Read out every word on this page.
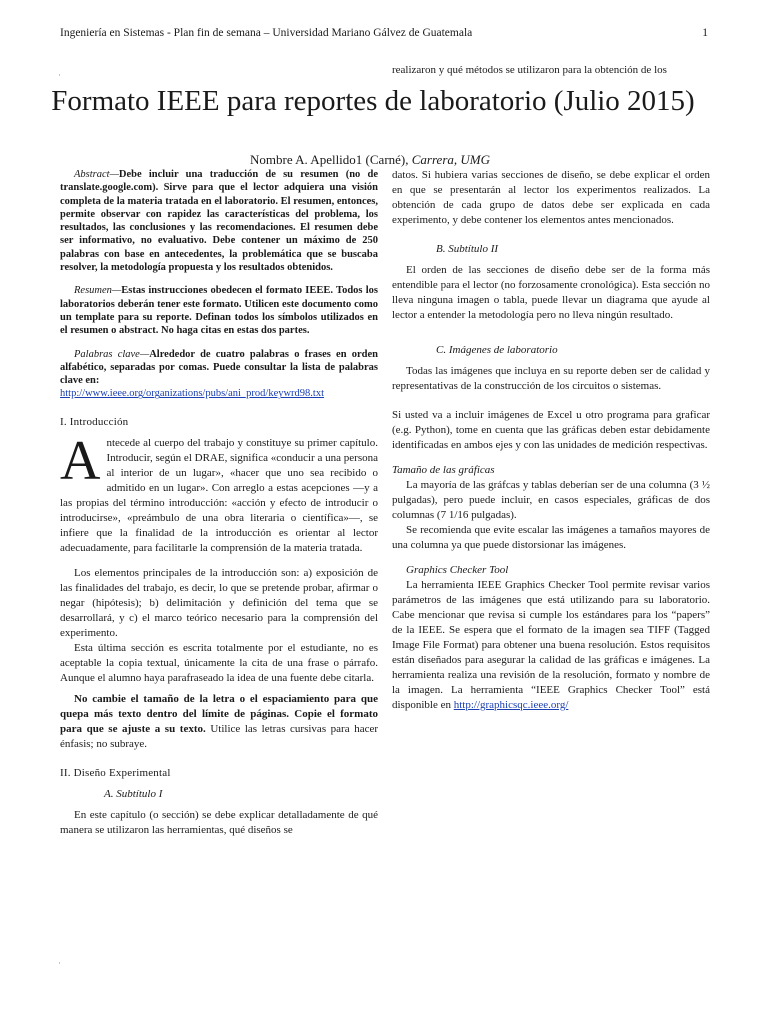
Ingeniería en Sistemas - Plan fin de semana – Universidad Mariano Gálvez de Guatemala	1
·	realizaron y qué métodos se utilizaron para la obtención de los
Formato IEEE para reportes de laboratorio (Julio 2015)
Nombre A. Apellido1 (Carné), Carrera, UMG

Abstract—Debe incluir una traducción de su resumen (no de translate.google.com). Sirve para que el lector adquiera una visión completa de la materia tratada en el laboratorio. El resumen, entonces, permite observar con rapidez las características del problema, los resultados, las conclusiones y las recomendaciones. El resumen debe ser informativo, no evaluativo. Debe contener un máximo de 250 palabras con base en antecedentes, la problemática que se buscaba resolver, la metodología propuesta y los resultados obtenidos.

Resumen—Estas instrucciones obedecen el formato IEEE. Todos los laboratorios deberán tener este formato. Utilicen este documento como un template para su reporte. Definan todos los símbolos utilizados en el resumen o abstract. No haga citas en estas dos partes.

Palabras clave—Alrededor de cuatro palabras o frases en orden alfabético, separadas por comas. Puede consultar la lista de palabras clave en:

http://www.ieee.org/organizations/pubs/ani_prod/keywrd98.txt

I. Introducción

Antecede al cuerpo del trabajo y constituye su primer capítulo. Introducir, según el DRAE, significa «conducir a una persona al interior de un lugar», «hacer que uno sea recibido o admitido en un lugar». Con arreglo a estas acepciones —y a las propias del término introducción: «acción y efecto de introducir o introducirse», «preámbulo de una obra literaria o científica»—, se infiere que la finalidad de la introducción es orientar al lector adecuadamente, para facilitarle la comprensión de la materia tratada.

Los elementos principales de la introducción son: a) exposición de las finalidades del trabajo, es decir, lo que se pretende probar, afirmar o negar (hipótesis); b) delimitación y definición del tema que se desarrollará, y c) el marco teórico necesario para la comprensión del experimento.

Esta última sección es escrita totalmente por el estudiante, no es aceptable la copia textual, únicamente la cita de una frase o párrafo. Aunque el alumno haya parafraseado la idea de una fuente debe citarla.

No cambie el tamaño de la letra o el espaciamiento para que quepa más texto dentro del límite de páginas. Copie el formato para que se ajuste a su texto. Utilice las letras cursivas para hacer énfasis; no subraye.

II. Diseño Experimental

A. Subtítulo I

En este capítulo (o sección) se debe explicar detalladamente de qué manera se utilizaron las herramientas, qué diseños se

datos. Si hubiera varias secciones de diseño, se debe explicar el orden en que se presentarán al lector los experimentos realizados. La obtención de cada grupo de datos debe ser explicada en cada experimento, y debe contener los elementos antes mencionados.

B. Subtítulo II

El orden de las secciones de diseño debe ser de la forma más entendible para el lector (no forzosamente cronológica). Esta sección no lleva ninguna imagen o tabla, puede llevar un diagrama que ayude al lector a entender la metodología pero no lleva ningún resultado.

C. Imágenes de laboratorio

Todas las imágenes que incluya en su reporte deben ser de calidad y representativas de la construcción de los circuitos o sistemas.

Si usted va a incluir imágenes de Excel u otro programa para graficar (e.g. Python), tome en cuenta que las gráficas deben estar debidamente identificadas en ambos ejes y con las unidades de medición respectivas.

Tamaño de las gráficas

La mayoría de las gráfcas y tablas deberían ser de una columna (3 ½ pulgadas), pero puede incluir, en casos especiales, gráficas de dos columnas (7 1/16 pulgadas).

Se recomienda que evite escalar las imágenes a tamaños mayores de una columna ya que puede distorsionar las imágenes.

Graphics Checker Tool

La herramienta IEEE Graphics Checker Tool permite revisar varios parámetros de las imágenes que está utilizando para su laboratorio. Cabe mencionar que revisa si cumple los estándares para los “papers” de la IEEE. Se espera que el formato de la imagen sea TIFF (Tagged Image File Format) para obtener una buena resolución. Estos requisitos están diseñados para asegurar la calidad de las gráficas e imágenes. La herramienta realiza una revisión de la resolución, formato y nombre de la imagen. La herramienta “IEEE Graphics Checker Tool” está disponible en http://graphicsqc.ieee.org/

·
